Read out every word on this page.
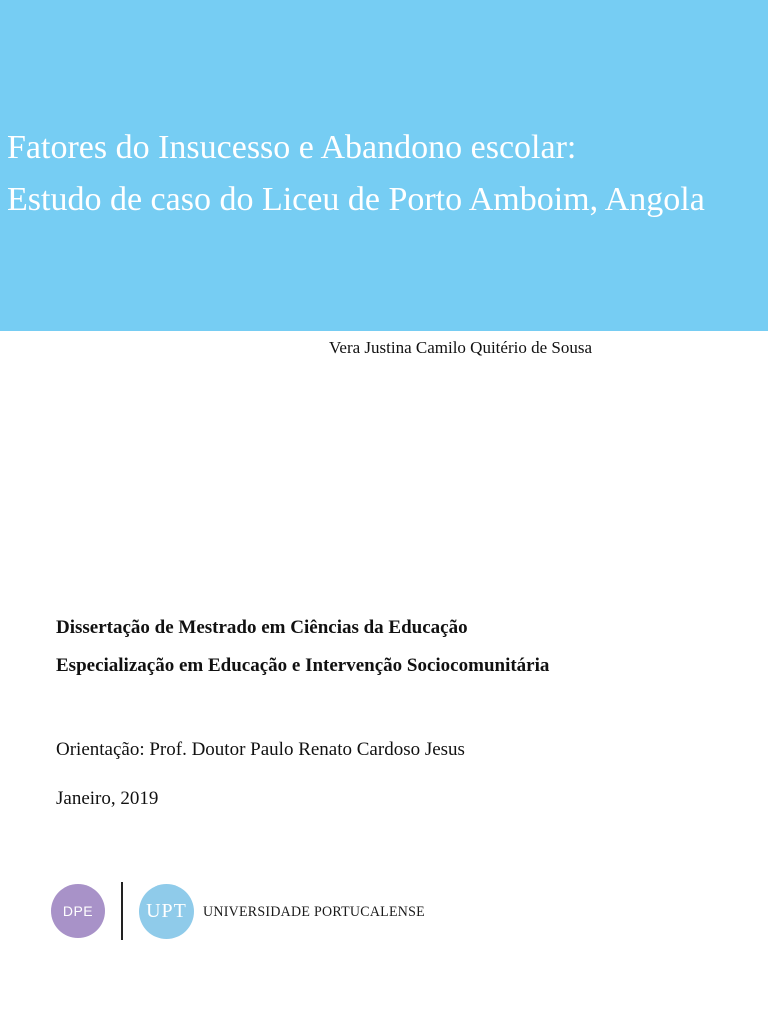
Fatores do Insucesso e Abandono escolar:
Estudo de caso do Liceu de Porto Amboim, Angola
Vera Justina Camilo Quitério de Sousa
Dissertação de Mestrado em Ciências da Educação
Especialização em Educação e Intervenção Sociocomunitária
Orientação: Prof. Doutor Paulo Renato Cardoso Jesus
Janeiro, 2019
DPE	UPT UNIVERSIDADE PORTUCALENSE
